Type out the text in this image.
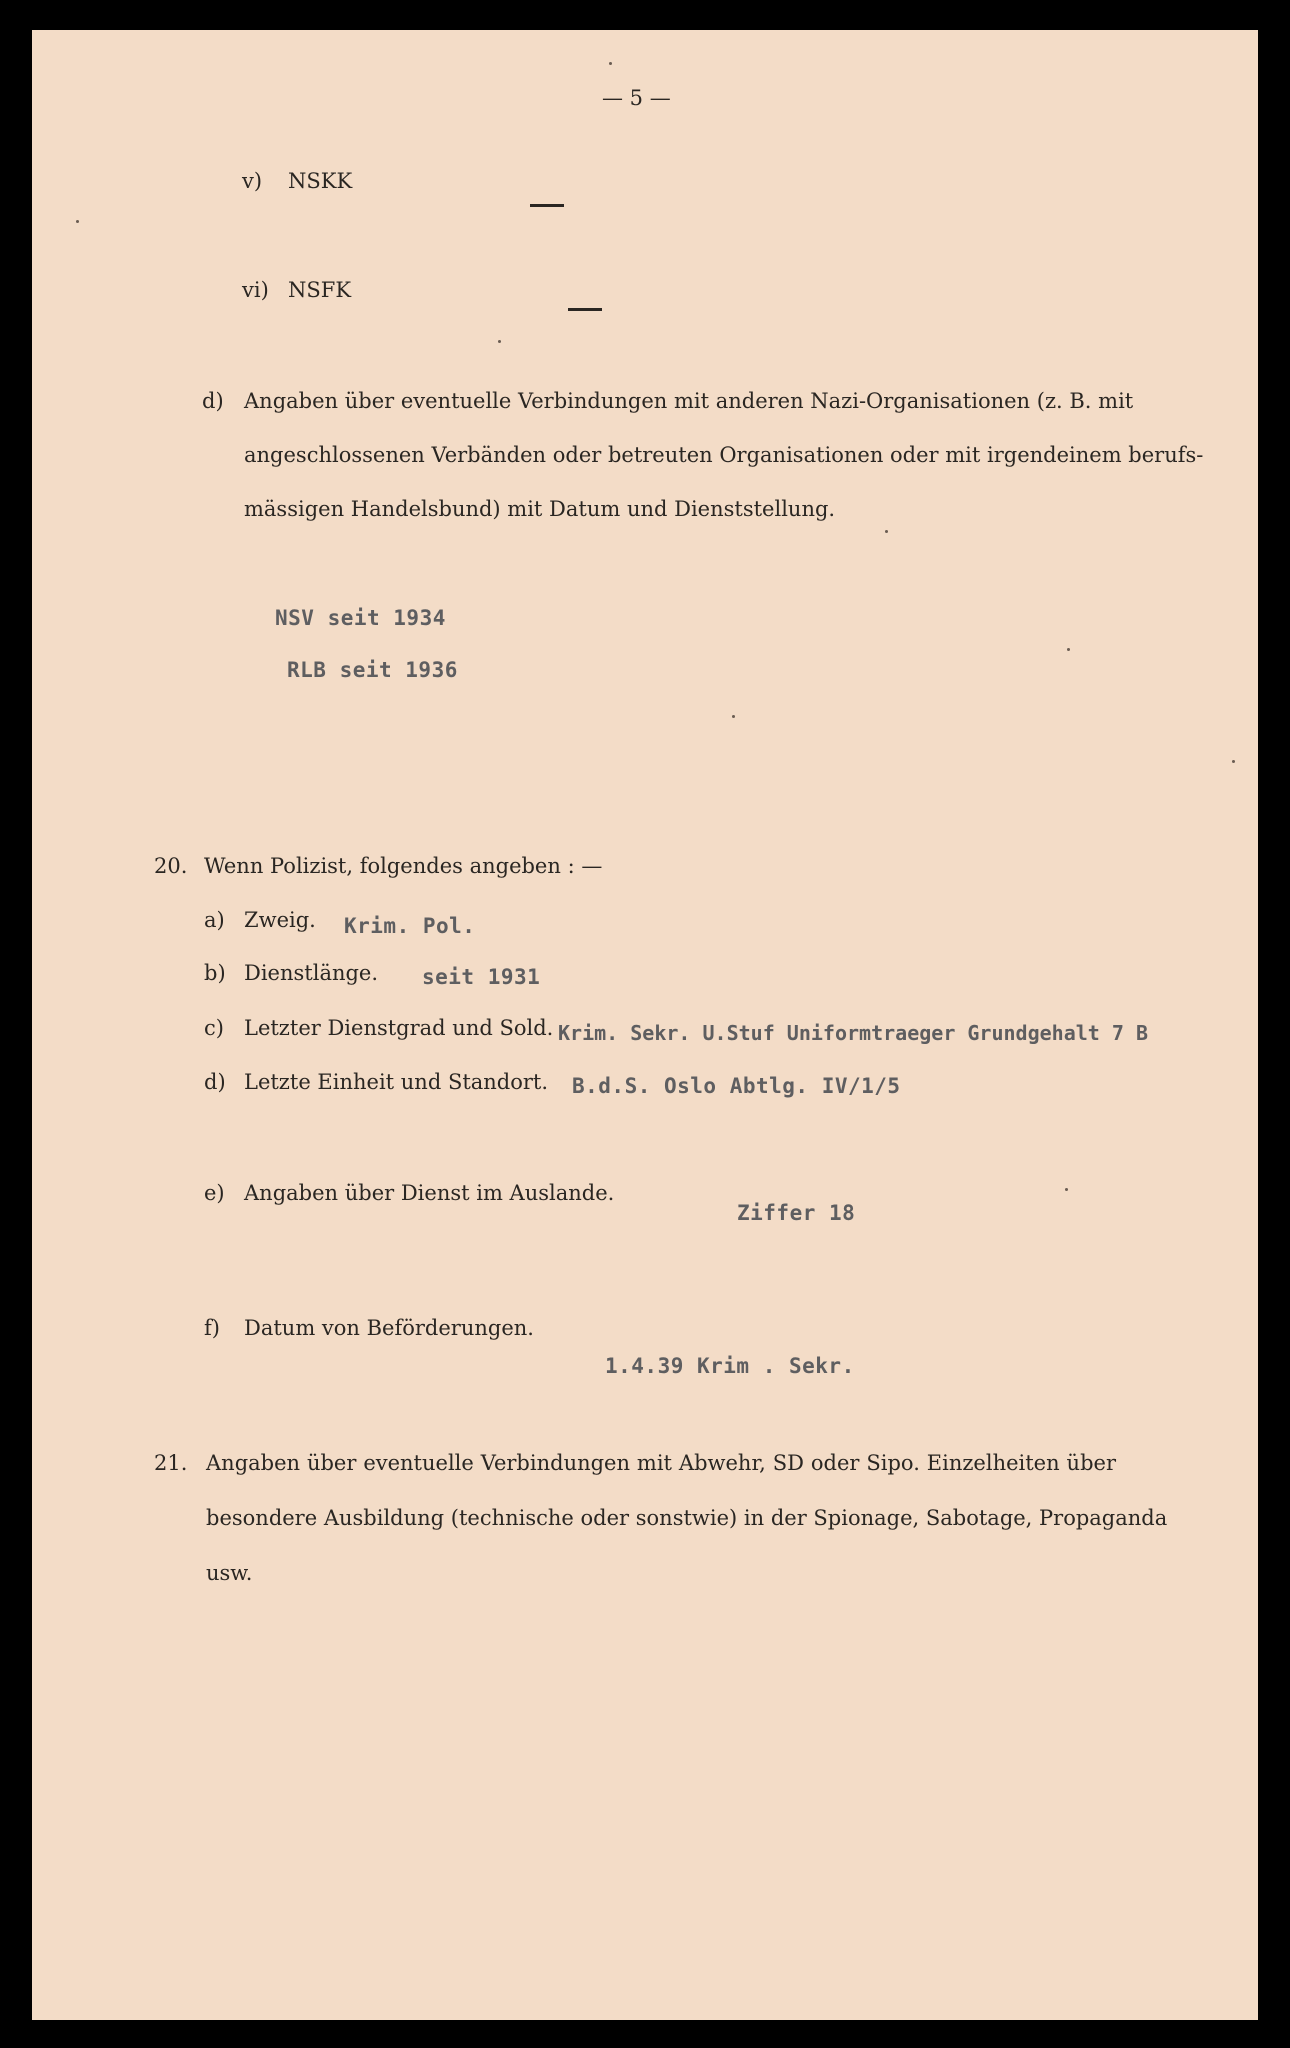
— 5 —
v) NSKK
vi) NSFK
d) Angaben über eventuelle Verbindungen mit anderen Nazi-Organisationen (z. B. mit
angeschlossenen Verbänden oder betreuten Organisationen oder mit irgendeinem berufs-
mässigen Handelsbund) mit Datum und Dienststellung.
NSV seit 1934
RLB seit 1936
20. Wenn Polizist, folgendes angeben : —
a) Zweig. Krim. Pol.
b) Dienstlänge. seit 1931
c) Letzter Dienstgrad und Sold. Krim. Sekr. U.Stuf Uniformtraeger Grundgehalt 7 B
d) Letzte Einheit und Standort. B.d.S. Oslo Abtlg. IV/1/5
e) Angaben über Dienst im Auslande.
Ziffer 18
f) Datum von Beförderungen.
1.4.39 Krim . Sekr.
21. Angaben über eventuelle Verbindungen mit Abwehr, SD oder Sipo. Einzelheiten über
besondere Ausbildung (technische oder sonstwie) in der Spionage, Sabotage, Propaganda
usw.
